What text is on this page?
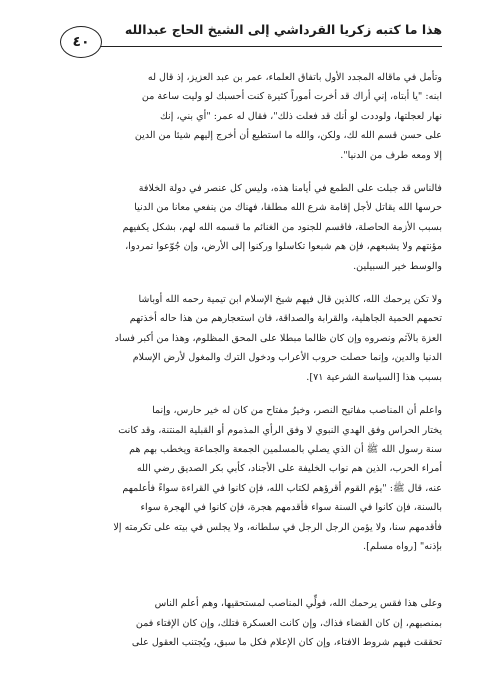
هذا ما كتبه زكريا القرداشي إلى الشيخ الحاج عبدالله
٤٠

وتأمل في ماقاله المجدد الأول باتفاق العلماء، عمر بن عبد العزيز، إذ قال له
ابنه: "يا أبتاه، إني أراك قد أخرت أموراً كثيرة كنت أحسبك لو وليت ساعة من
نهار لعجلتها، ولوددت لو أنك قد فعلت ذلك"، فقال له عمر: "أي بني، إنك
على حسن قسم الله لك، ولكن، والله ما استطيع أن أخرج إليهم شيئا من الدين
إلا ومعه طرف من الدنيا".

فالناس قد جبلت على الطمع في أيامنا هذه، وليس كل عنصر في دولة الخلافة
حرسها الله يقاتل لأجل إقامة شرع الله مطلقا، فهناك من ينفعي معانا من الدنيا
بسبب الأزمة الحاصلة، فاقسم للجنود من الغنائم ما قسمه الله لهم، بشكل يكفيهم
مؤنتهم ولا يشبعهم، فإن هم شبعوا تكاسلوا وركنوا إلى الأرض، وإن جُوّعوا تمردوا،
والوسط خير السبيلين.

ولا تكن يرحمك الله، كالذين قال فيهم شيخ الإسلام ابن تيمية رحمه الله أوباشا
تحمهم الحمية الجاهلية، والقرابة والصداقة، فان استعجارهم من هذا حاله أخذتهم
العزة بالآثم ونصروه وإن كان ظالما مبطلا على المحق المظلوم، وهذا من أكبر فساد
الدنيا والدين، وإنما حصلت حروب الأعراب ودخول الترك والمغول لأرض الإسلام
بسبب هذا [السياسة الشرعية ٧١].

واعلم أن المناصب مفاتيح النصر، وخيرُ مفتاح من كان له خير حارس، وإنما
يختار الحراس وفق الهدي النبوي لا وفق الرأي المذموم أو القبلية المنتنة، وقد كانت
سنة رسول الله ﷺ أن الذي يصلي بالمسلمين الجمعة والجماعة ويخطب بهم هم
أمراء الحرب، الذين هم نواب الخليفة على الأجناد، كأبي بكر الصديق رضي الله
عنه، قال ﷺ: "يؤم القوم أقرؤهم لكتاب الله، فإن كانوا في القراءة سواءً فأعلمهم
بالسنة، فإن كانوا في السنة سواء فأقدمهم هجرة، فإن كانوا في الهجرة سواء
فأقدمهم سنا، ولا يؤمن الرجل الرجل في سلطانه، ولا يجلس في بيته على تكرمته إلا
بإذنه" [رواه مسلم].

وعلى هذا فقس يرحمك الله، فولِّي المناصب لمستحقيها، وهم أعلم الناس
بمنصبهم، إن كان القضاء فذاك، وإن كانت العسكرة فتلك، وإن كان الإفتاء فمن
تحققت فيهم شروط الافتاء، وإن كان الإعلام فكل ما سبق، ويُجتنب العقول على
